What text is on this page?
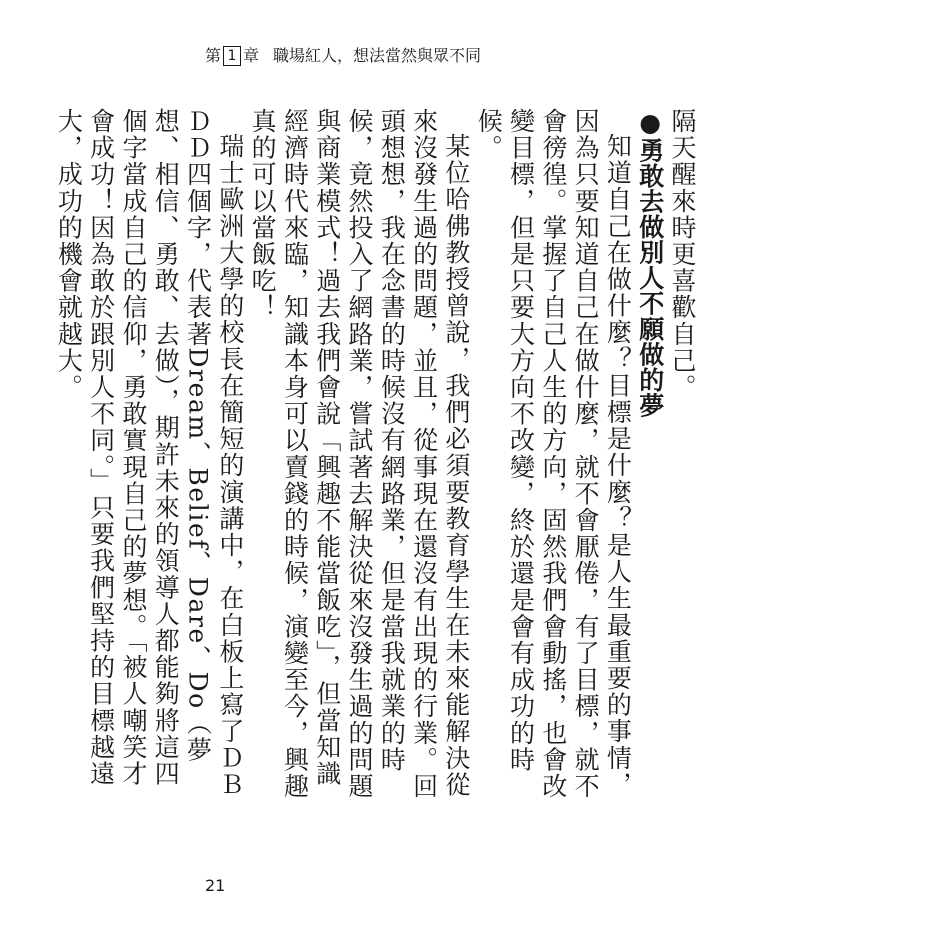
第 1 章 職場紅人，想法當然與眾不同

隔天醒來時更喜歡自己。

●勇敢去做別人不願做的夢

知道自己在做什麼？目標是什麼？是人生最重要的事情，因為只要知道自己在做什麼，就不會厭倦，有了目標，就不會徬徨。掌握了自己人生的方向，固然我們會動搖，也會改變目標，但是只要大方向不改變，終於還是會有成功的時候。

某位哈佛教授曾說，我們必須要教育學生在未來能解決從來沒發生過的問題，並且，從事現在還沒有出現的行業。回頭想想，我在念書的時候沒有網路業，但是當我就業的時候，竟然投入了網路業，嘗試著去解決從來沒發生過的問題與商業模式！過去我們會說「興趣不能當飯吃」，但當知識經濟時代來臨，知識本身可以賣錢的時候，演變至今，興趣真的可以當飯吃！

瑞士歐洲大學的校長在簡短的演講中，在白板上寫了ＤＢＤＤ四個字，代表著Dream、Belief、Dare、Do（夢想、相信、勇敢、去做），期許未來的領導人都能夠將這四個字當成自己的信仰，勇敢實現自己的夢想。「被人嘲笑才會成功！因為敢於跟別人不同。」只要我們堅持的目標越遠大，成功的機會就越大。

21
